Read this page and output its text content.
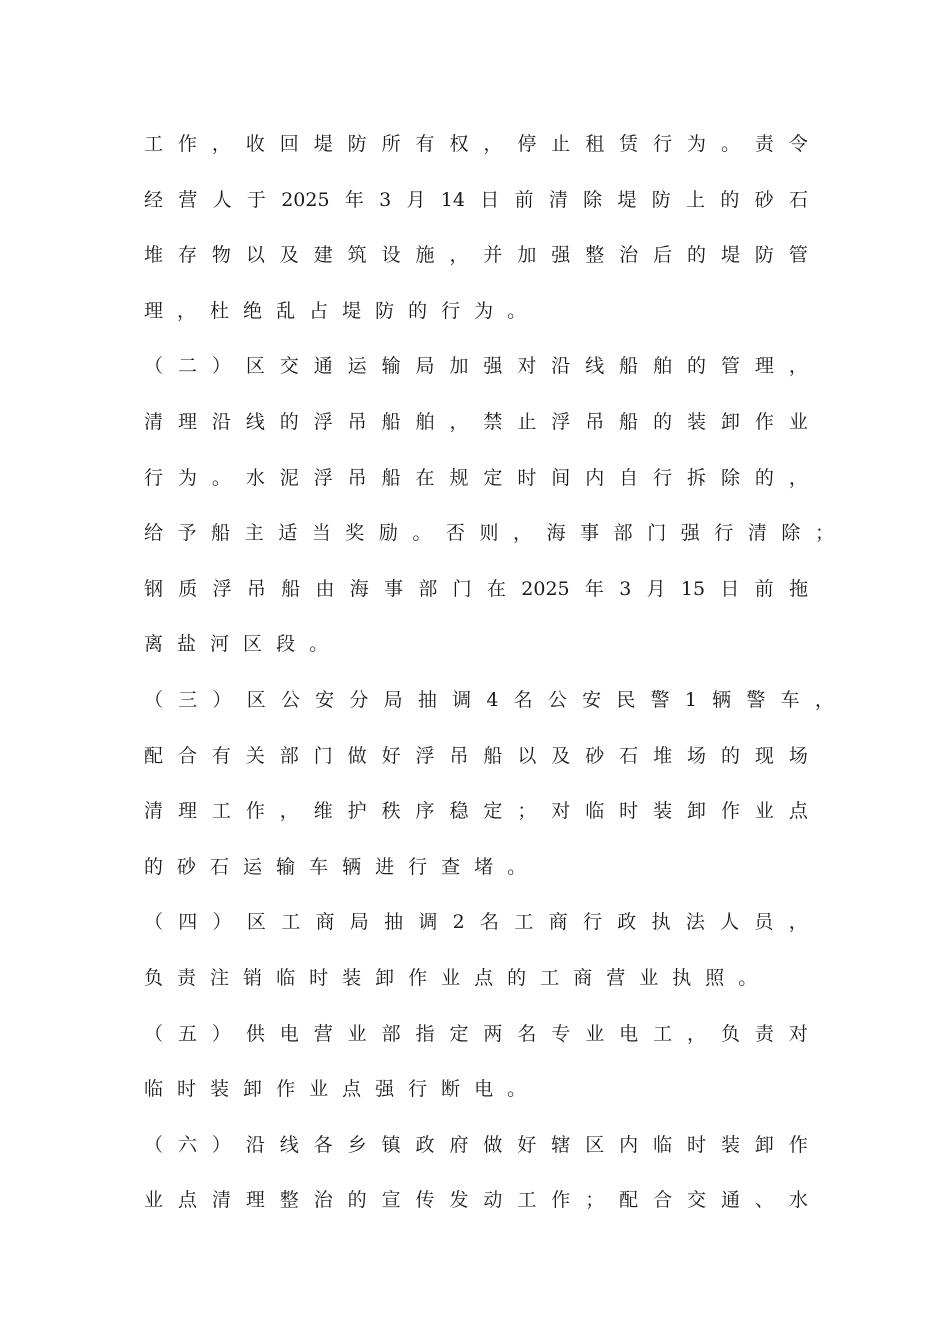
工 作 ， 收 回 堤 防 所 有 权 ， 停 止 租 赁 行 为 。 责 令
经 营 人 于 2025 年 3 月 14 日 前 清 除 堤 防 上 的 砂 石
堆 存 物 以 及 建 筑 设 施 ， 并 加 强 整 治 后 的 堤 防 管
理 ， 杜 绝 乱 占 堤 防 的 行 为 。
（ 二 ） 区 交 通 运 输 局 加 强 对 沿 线 船 舶 的 管 理 ，
清 理 沿 线 的 浮 吊 船 舶 ， 禁 止 浮 吊 船 的 装 卸 作 业
行 为 。 水 泥 浮 吊 船 在 规 定 时 间 内 自 行 拆 除 的 ，
给 予 船 主 适 当 奖 励 。 否 则 ， 海 事 部 门 强 行 清 除 ；
钢 质 浮 吊 船 由 海 事 部 门 在 2025 年 3 月 15 日 前 拖
离 盐 河 区 段 。
（ 三 ） 区 公 安 分 局 抽 调 4 名 公 安 民 警 1 辆 警 车 ，
配 合 有 关 部 门 做 好 浮 吊 船 以 及 砂 石 堆 场 的 现 场
清 理 工 作 ， 维 护 秩 序 稳 定 ； 对 临 时 装 卸 作 业 点
的 砂 石 运 输 车 辆 进 行 查 堵 。
（ 四 ） 区 工 商 局 抽 调 2 名 工 商 行 政 执 法 人 员 ，
负 责 注 销 临 时 装 卸 作 业 点 的 工 商 营 业 执 照 。
（ 五 ） 供 电 营 业 部 指 定 两 名 专 业 电 工 ， 负 责 对
临 时 装 卸 作 业 点 强 行 断 电 。
（ 六 ） 沿 线 各 乡 镇 政 府 做 好 辖 区 内 临 时 装 卸 作
业 点 清 理 整 治 的 宣 传 发 动 工 作 ； 配 合 交 通 、 水
